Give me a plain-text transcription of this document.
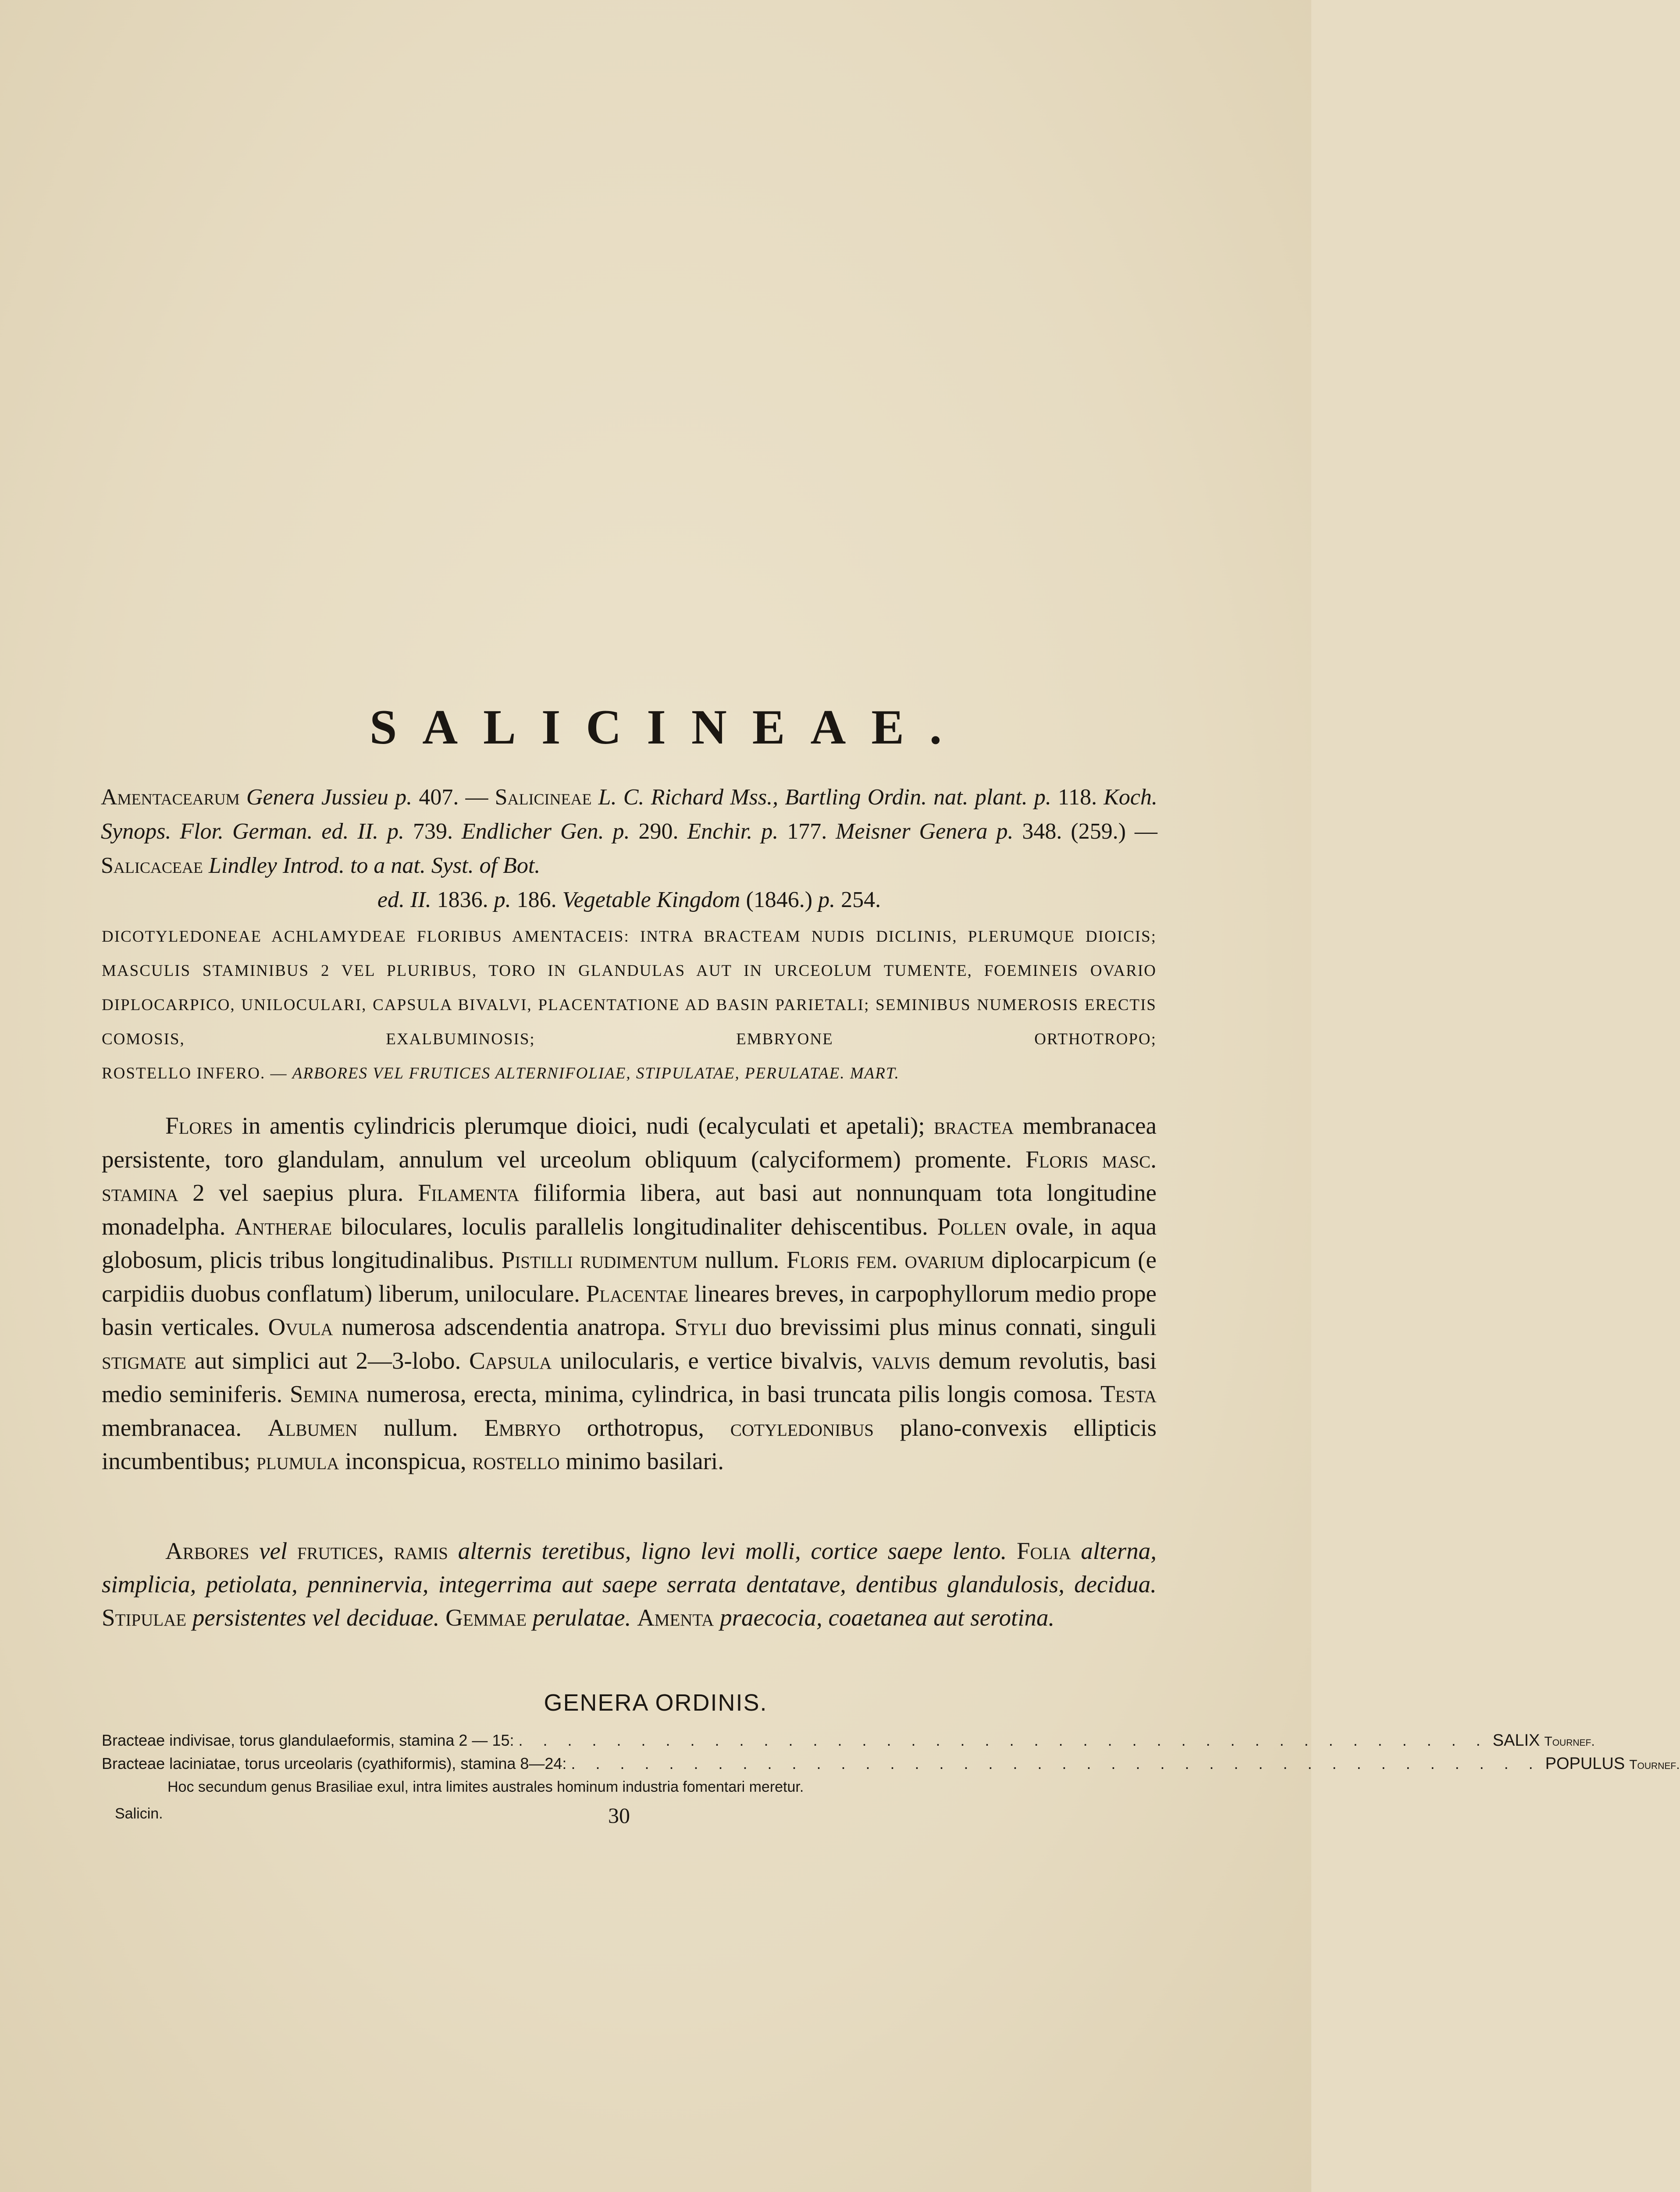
SALICINEAE.
Amentacearum Genera Jussieu p. 407. — Salicineae L. C. Richard Mss., Bartling Ordin. nat. plant. p. 118. Koch. Synops. Flor. German. ed. II. p. 739. Endlicher Gen. p. 290. Enchir. p. 177. Meisner Genera p. 348. (259.) — Salicaceae Lindley Introd. to a nat. Syst. of Bot.
ed. II. 1836. p. 186. Vegetable Kingdom (1846.) p. 254.
DICOTYLEDONEAE ACHLAMYDEAE FLORIBUS AMENTACEIS: INTRA BRACTEAM NUDIS DICLINIS, PLERUMQUE DIOICIS; MASCULIS STAMINIBUS 2 VEL PLURIBUS, TORO IN GLANDULAS AUT IN URCEOLUM TUMENTE, FOEMINEIS OVARIO DIPLOCARPICO, UNILOCULARI, CAPSULA BIVALVI, PLACENTATIONE AD BASIN PARIETALI; SEMINIBUS NUMEROSIS ERECTIS COMOSIS, EXALBUMINOSIS; EMBRYONE ORTHOTROPO;
ROSTELLO INFERO. — ARBORES VEL FRUTICES ALTERNIFOLIAE, STIPULATAE, PERULATAE. MART.
Flores in amentis cylindricis plerumque dioici, nudi (ecalyculati et apetali); bractea membranacea persistente, toro glandulam, annulum vel urceolum obliquum (calyciformem) promente. Floris masc. stamina 2 vel saepius plura. Filamenta filiformia libera, aut basi aut nonnunquam tota longitudine monadelpha. Antherae biloculares, loculis parallelis longitudinaliter dehiscentibus. Pollen ovale, in aqua globosum, plicis tribus longitudinalibus. Pistilli rudimentum nullum. Floris fem. ovarium diplocarpicum (e carpidiis duobus conflatum) liberum, uniloculare. Placentae lineares breves, in carpophyllorum medio prope basin verticales. Ovula numerosa adscendentia anatropa. Styli duo brevissimi plus minus connati, singuli stigmate aut simplici aut 2—3-lobo. Capsula unilocularis, e vertice bivalvis, valvis demum revolutis, basi medio seminiferis. Semina numerosa, erecta, minima, cylindrica, in basi truncata pilis longis comosa. Testa membranacea. Albumen nullum. Embryo orthotropus, cotyledonibus plano-convexis ellipticis incumbentibus; plumula inconspicua, rostello minimo basilari.
Arbores vel frutices, ramis alternis teretibus, ligno levi molli, cortice saepe lento. Folia alterna, simplicia, petiolata, penninervia, integerrima aut saepe serrata dentatave, dentibus glandulosis, decidua. Stipulae persistentes vel deciduae. Gemmae perulatae. Amenta praecocia, coaetanea aut serotina.
GENERA ORDINIS.
Bracteae indivisae, torus glandulaeformis, stamina 2 — 15: . . . . . . . . . . . . . . . . . . . . . . . . . . . . . . . . . . . . . . . . SALIX Tournef.
Bracteae laciniatae, torus urceolaris (cyathiformis), stamina 8—24: . . . . . . . . . . . . . . . . . . . . . . . . . . . . . . . . . . . . . . . . POPULUS Tournef.
Hoc secundum genus Brasiliae exul, intra limites australes hominum industria fomentari meretur.
Salicin.	30
